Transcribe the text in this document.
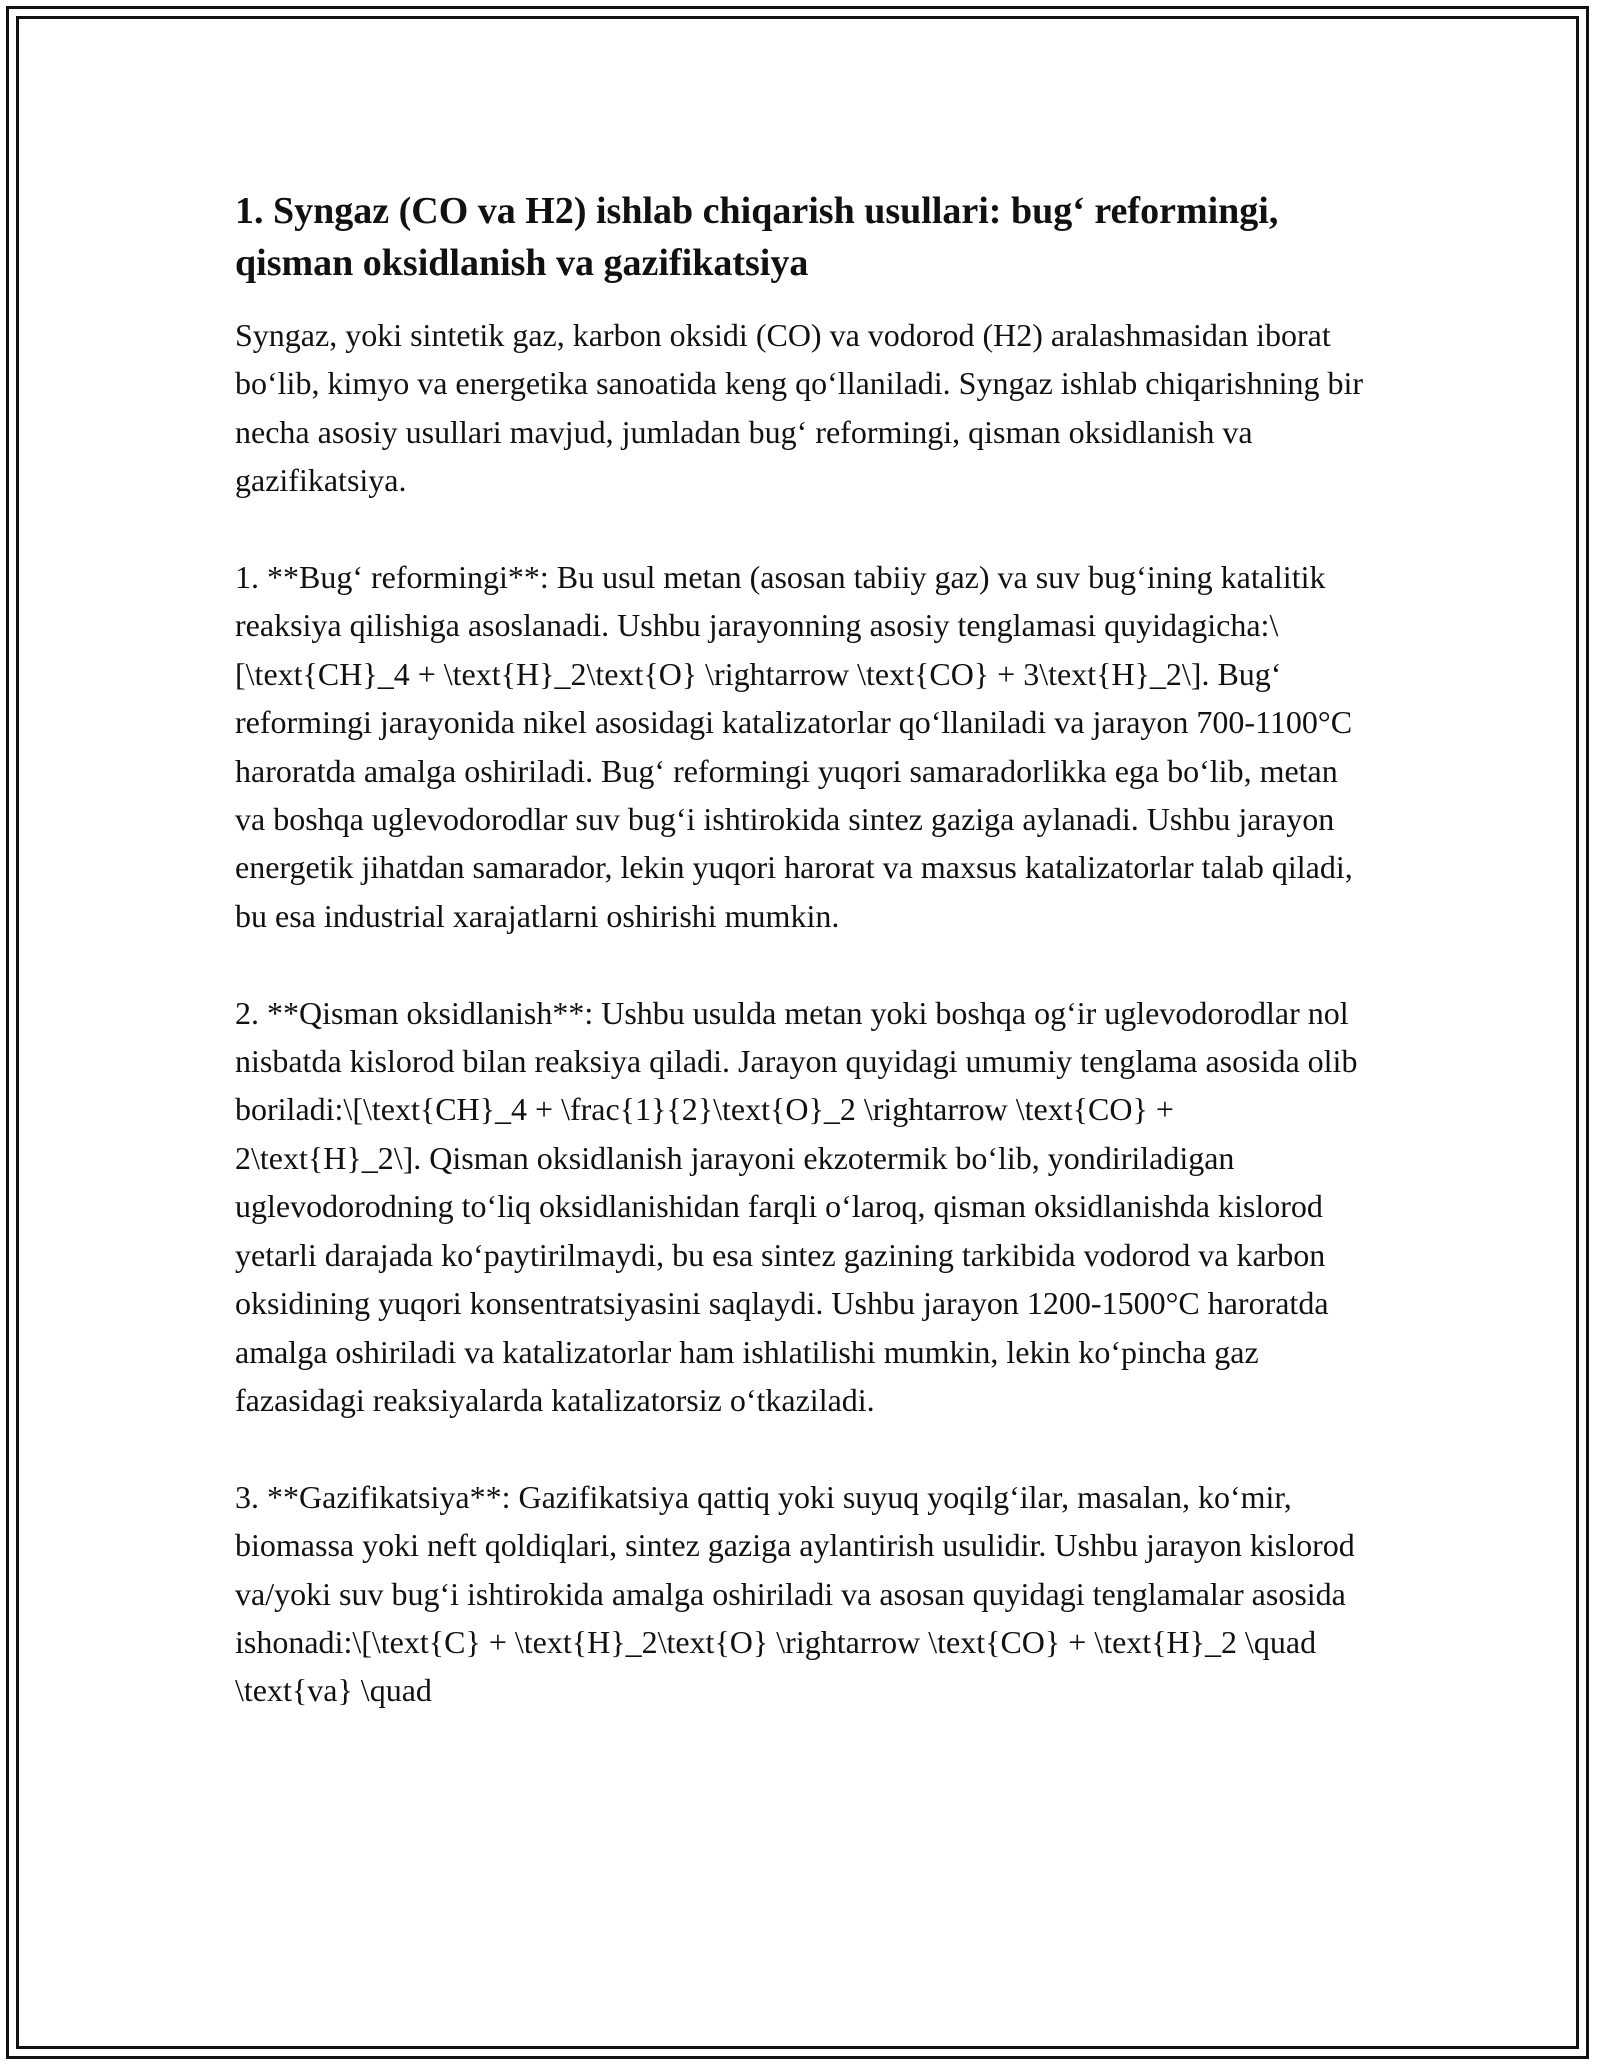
1. Syngaz (CO va H2) ishlab chiqarish usullari: bug‘ reformingi, qisman oksidlanish va gazifikatsiya

Syngaz, yoki sintetik gaz, karbon oksidi (CO) va vodorod (H2) aralashmasidan iborat bo‘lib, kimyo va energetika sanoatida keng qo‘llaniladi. Syngaz ishlab chiqarishning bir necha asosiy usullari mavjud, jumladan bug‘ reformingi, qisman oksidlanish va gazifikatsiya.

1. **Bug‘ reformingi**: Bu usul metan (asosan tabiiy gaz) va suv bug‘ining katalitik reaksiya qilishiga asoslanadi. Ushbu jarayonning asosiy tenglamasi quyidagicha:\[\text{CH}_4 + \text{H}_2\text{O} \rightarrow \text{CO} + 3\text{H}_2\]. Bug‘ reformingi jarayonida nikel asosidagi katalizatorlar qo‘llaniladi va jarayon 700-1100°C haroratda amalga oshiriladi. Bug‘ reformingi yuqori samaradorlikka ega bo‘lib, metan va boshqa uglevodorodlar suv bug‘i ishtirokida sintez gaziga aylanadi. Ushbu jarayon energetik jihatdan samarador, lekin yuqori harorat va maxsus katalizatorlar talab qiladi, bu esa industrial xarajatlarni oshirishi mumkin.

2. **Qisman oksidlanish**: Ushbu usulda metan yoki boshqa og‘ir uglevodorodlar nol nisbatda kislorod bilan reaksiya qiladi. Jarayon quyidagi umumiy tenglama asosida olib boriladi:\[\text{CH}_4 + \frac{1}{2}\text{O}_2 \rightarrow \text{CO} + 2\text{H}_2\]. Qisman oksidlanish jarayoni ekzotermik bo‘lib, yondiriladigan uglevodorodning to‘liq oksidlanishidan farqli o‘laroq, qisman oksidlanishda kislorod yetarli darajada ko‘paytirilmaydi, bu esa sintez gazining tarkibida vodorod va karbon oksidining yuqori konsentratsiyasini saqlaydi. Ushbu jarayon 1200-1500°C haroratda amalga oshiriladi va katalizatorlar ham ishlatilishi mumkin, lekin ko‘pincha gaz fazasidagi reaksiyalarda katalizatorsiz o‘tkaziladi.

3. **Gazifikatsiya**: Gazifikatsiya qattiq yoki suyuq yoqilg‘ilar, masalan, ko‘mir, biomassa yoki neft qoldiqlari, sintez gaziga aylantirish usulidir. Ushbu jarayon kislorod va/yoki suv bug‘i ishtirokida amalga oshiriladi va asosan quyidagi tenglamalar asosida ishonadi:\[\text{C} + \text{H}_2\text{O} \rightarrow \text{CO} + \text{H}_2 \quad \text{va} \quad
